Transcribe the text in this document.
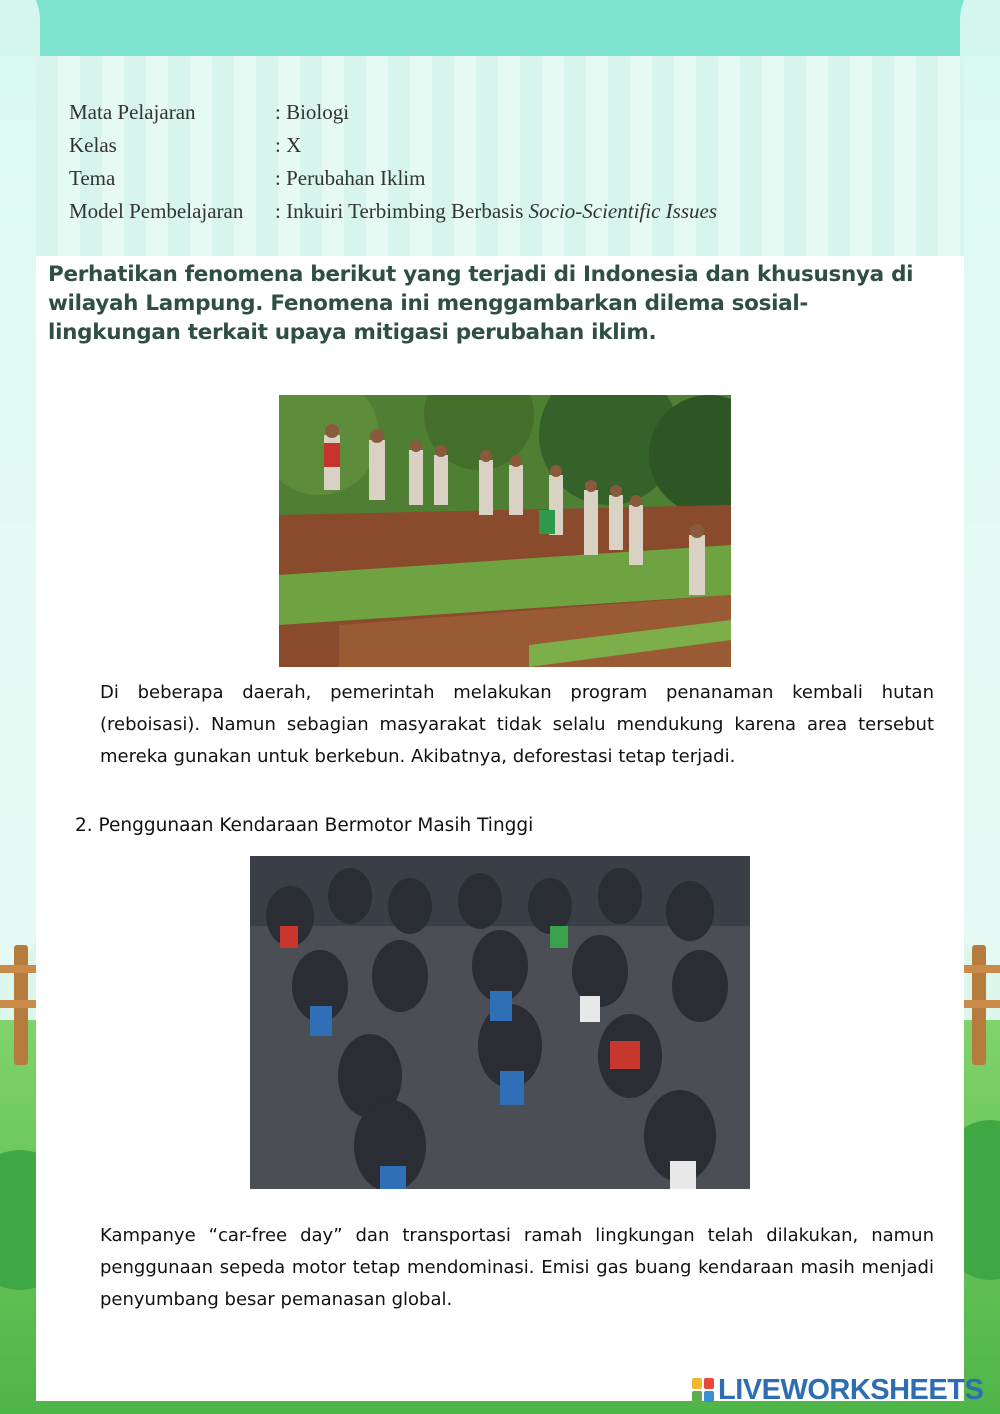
Mata Pelajaran	: Biologi
Kelas	: X
Tema	: Perubahan Iklim
Model Pembelajaran : Inkuiri Terbimbing Berbasis Socio-Scientific Issues
Perhatikan fenomena berikut yang terjadi di Indonesia dan khususnya di wilayah Lampung. Fenomena ini menggambarkan dilema sosial-lingkungan terkait upaya mitigasi perubahan iklim.
Di beberapa daerah, pemerintah melakukan program penanaman kembali hutan (reboisasi). Namun sebagian masyarakat tidak selalu mendukung karena area tersebut mereka gunakan untuk berkebun. Akibatnya, deforestasi tetap terjadi.
2. Penggunaan Kendaraan Bermotor Masih Tinggi
Kampanye “car-free day” dan transportasi ramah lingkungan telah dilakukan, namun penggunaan sepeda motor tetap mendominasi. Emisi gas buang kendaraan masih menjadi penyumbang besar pemanasan global.
LIVEWORKSHEETS
